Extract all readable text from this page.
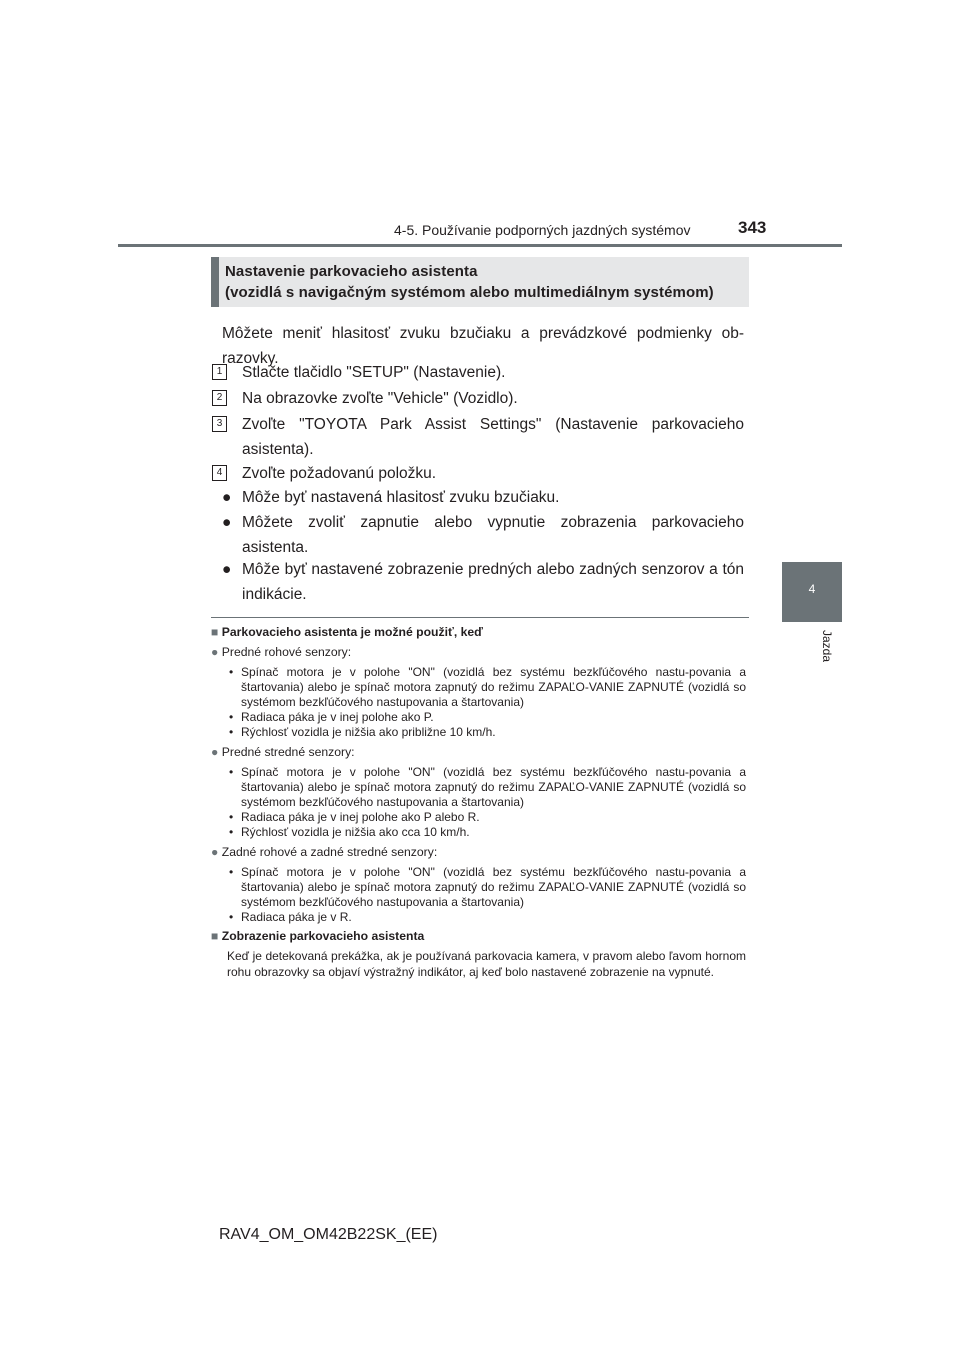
4-5. Používanie podporných jazdných systémov	343
4
Jazda
Nastavenie parkovacieho asistenta
(vozidlá s navigačným systémom alebo multimediálnym systémom)
Môžete meniť hlasitosť zvuku bzučiaku a prevádzkové podmienky ob-razovky.
1	Stlačte tlačidlo "SETUP" (Nastavenie).
2	Na obrazovke zvoľte "Vehicle" (Vozidlo).
3	Zvoľte "TOYOTA Park Assist Settings" (Nastavenie parkovacieho asistenta).
4	Zvoľte požadovanú položku.
● Môže byť nastavená hlasitosť zvuku bzučiaku.
● Môžete zvoliť zapnutie alebo vypnutie zobrazenia parkovacieho asistenta.
● Môže byť nastavené zobrazenie predných alebo zadných senzorov a tón indikácie.
■ Parkovacieho asistenta je možné použiť, keď
● Predné rohové senzory:
• Spínač motora je v polohe "ON" (vozidlá bez systému bezkľúčového nastu-povania a štartovania) alebo je spínač motora zapnutý do režimu ZAPAĽO-VANIE ZAPNUTÉ (vozidlá so systémom bezkľúčového nastupovania a štartovania)
• Radiaca páka je v inej polohe ako P.
• Rýchlosť vozidla je nižšia ako približne 10 km/h.
● Predné stredné senzory:
• Spínač motora je v polohe "ON" (vozidlá bez systému bezkľúčového nastu-povania a štartovania) alebo je spínač motora zapnutý do režimu ZAPAĽO-VANIE ZAPNUTÉ (vozidlá so systémom bezkľúčového nastupovania a štartovania)
• Radiaca páka je v inej polohe ako P alebo R.
• Rýchlosť vozidla je nižšia ako cca 10 km/h.
● Zadné rohové a zadné stredné senzory:
• Spínač motora je v polohe "ON" (vozidlá bez systému bezkľúčového nastu-povania a štartovania) alebo je spínač motora zapnutý do režimu ZAPAĽO-VANIE ZAPNUTÉ (vozidlá so systémom bezkľúčového nastupovania a štartovania)
• Radiaca páka je v R.
■ Zobrazenie parkovacieho asistenta
Keď je detekovaná prekážka, ak je používaná parkovacia kamera, v pravom alebo ľavom hornom rohu obrazovky sa objaví výstražný indikátor, aj keď bolo nastavené zobrazenie na vypnuté.
RAV4_OM_OM42B22SK_(EE)
